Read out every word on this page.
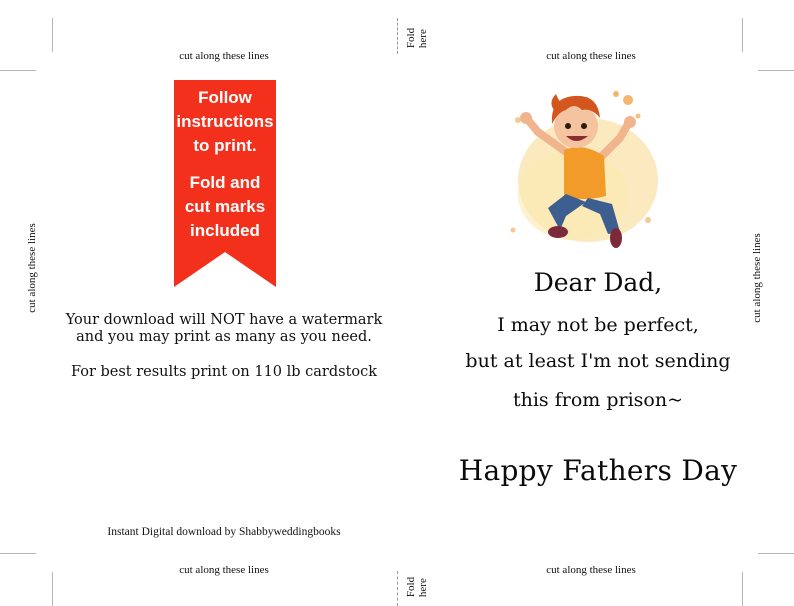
Fold here
Fold here
cut along these lines	cut along these lines
cut along these lines	cut along these lines
cut along these lines	cut along these lines
Follow
instructions
to print.
Fold and
cut marks
included
Your download will NOT have a watermark
and you may print as many as you need.
For best results print on 110 lb cardstock
Instant Digital download by Shabbyweddingbooks
Dear Dad,
I may not be perfect,
but at least I'm not sending
this from prison~
Happy Fathers Day
